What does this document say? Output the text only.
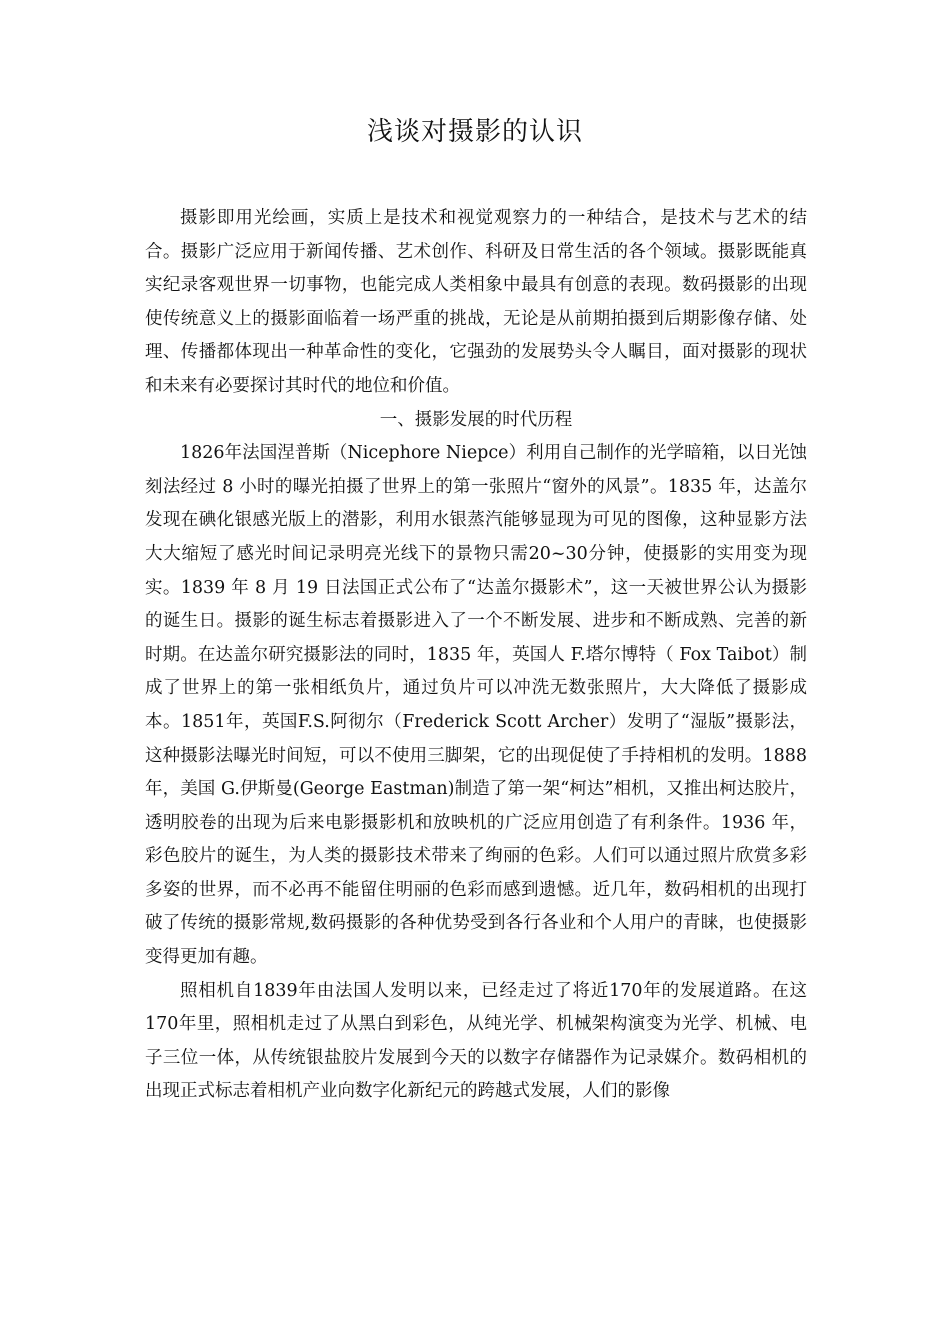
浅谈对摄影的认识

摄影即用光绘画，实质上是技术和视觉观察力的一种结合，是技术与艺术的结合。摄影广泛应用于新闻传播、艺术创作、科研及日常生活的各个领域。摄影既能真实纪录客观世界一切事物，也能完成人类相象中最具有创意的表现。数码摄影的出现使传统意义上的摄影面临着一场严重的挑战，无论是从前期拍摄到后期影像存储、处理、传播都体现出一种革命性的变化，它强劲的发展势头令人瞩目，面对摄影的现状和未来有必要探讨其时代的地位和价值。

一、摄影发展的时代历程

1826年法国涅普斯（Nicephore Niepce）利用自己制作的光学暗箱，以日光蚀刻法经过 8 小时的曝光拍摄了世界上的第一张照片“窗外的风景”。1835 年，达盖尔发现在碘化银感光版上的潜影，利用水银蒸汽能够显现为可见的图像，这种显影方法大大缩短了感光时间记录明亮光线下的景物只需20~30分钟，使摄影的实用变为现实。1839 年 8 月 19 日法国正式公布了“达盖尔摄影术”，这一天被世界公认为摄影的诞生日。摄影的诞生标志着摄影进入了一个不断发展、进步和不断成熟、完善的新时期。在达盖尔研究摄影法的同时，1835 年，英国人 F.塔尔博特（ Fox Taibot）制成了世界上的第一张相纸负片，通过负片可以冲洗无数张照片，大大降低了摄影成本。1851年，英国F.S.阿彻尔（Frederick Scott Archer）发明了“湿版”摄影法，这种摄影法曝光时间短，可以不使用三脚架，它的出现促使了手持相机的发明。1888 年，美国 G.伊斯曼(George Eastman)制造了第一架“柯达”相机，又推出柯达胶片，透明胶卷的出现为后来电影摄影机和放映机的广泛应用创造了有利条件。1936 年，彩色胶片的诞生，为人类的摄影技术带来了绚丽的色彩。人们可以通过照片欣赏多彩多姿的世界，而不必再不能留住明丽的色彩而感到遗憾。近几年，数码相机的出现打破了传统的摄影常规,数码摄影的各种优势受到各行各业和个人用户的青睐，也使摄影变得更加有趣。

照相机自1839年由法国人发明以来，已经走过了将近170年的发展道路。在这170年里，照相机走过了从黑白到彩色，从纯光学、机械架构演变为光学、机械、电子三位一体，从传统银盐胶片发展到今天的以数字存储器作为记录媒介。数码相机的出现正式标志着相机产业向数字化新纪元的跨越式发展，人们的影像
